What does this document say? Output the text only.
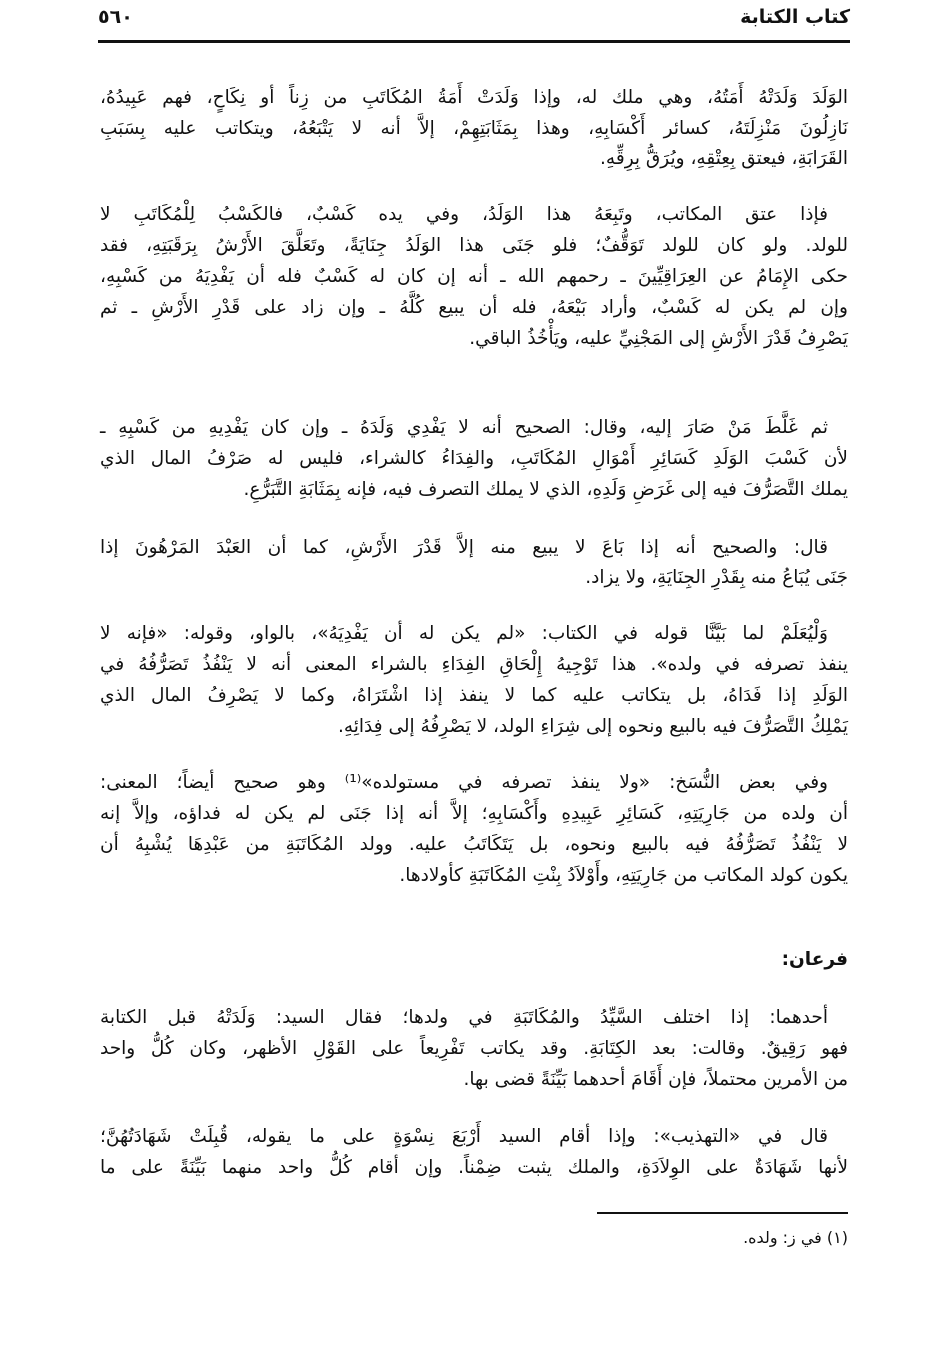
٥٦٠	كتاب الكتابة
الوَلَدَ وَلَدَتْهُ أَمَتُهُ، وهي ملك له، وإذا وَلَدَتْ أَمَةُ المُكَاتَبِ من زِناً أو نِكَاحٍ، فهم عَبِيدُهُ،
نَازِلُونَ مَنْزِلَتَهُ، كسائر أَكْسَابِهِ، وهذا بِمَثَابَتِهِمْ، إلاَّ أنه لا يَتْبَعُهُ، ويتكاتب عليه بِسَبَبِ
القَرَابَةِ، فيعتق بِعِتْقِهِ، ويُرَقُّ بِرِقِّهِ.
فإذا عتق المكاتب، وتَبِعَهُ هذا الوَلَدُ، وفي يده كَسْبٌ، فالكَسْبُ لِلْمُكَاتَبِ لا
للولد. ولو كان للولد تَوَقُّفٌ؛ فلو جَنَى هذا الوَلَدُ جِنَايَةً، وتَعَلَّقَ الأَرْشُ بِرَقَبَتِهِ، فقد
حكى الإِمَامُ عن العِرَاقِيِّينَ ـ رحمهم الله ـ أنه إن كان له كَسْبٌ فله أن يَفْدِيَهُ من كَسْبِهِ،
وإن لم يكن له كَسْبٌ، وأراد بَيْعَهُ، فله أن يبيع كُلَّهُ ـ وإن زاد على قَدْرِ الأَرْشِ ـ ثم
يَصْرِفُ قَدْرَ الأَرْشِ إلى المَجْنِيِّ عليه، ويَأْخُذُ الباقي.
ثم غَلَّطَ مَنْ صَارَ إليه، وقال: الصحيح أنه لا يَفْدِي وَلَدَهُ ـ وإن كان يَفْدِيهِ من كَسْبِهِ ـ
لأن كَسْبَ الوَلَدِ كَسَائِرِ أَمْوَالِ المُكَاتَبِ، والفِدَاءُ كالشراء، فليس له صَرْفُ المال الذي
يملك التَّصَرُّفَ فيه إلى غَرَضِ وَلَدِهِ، الذي لا يملك التصرف فيه، فإنه بِمَثَابَةِ التَّبَرُّعِ.
قال: والصحيح أنه إذا بَاعَ لا يبيع منه إلاَّ قَدْرَ الأَرْشِ، كما أن العَبْدَ المَرْهُونَ إذا
جَنَى يُبَاعُ منه بِقَدْرِ الجِنَايَةِ، ولا يزاد.
وَلْيُعَلَمْ لما بَيَّنَّا قوله في الكتاب: «لم يكن له أن يَفْدِيَهُ»، بالواو، وقوله: «فإنه لا
ينفذ تصرفه في ولده». هذا تَوْجِيهُ إِلْحَاقِ الفِدَاءِ بالشراء المعنى أنه لا يَنْفُذُ تَصَرُّفُهُ في
الوَلَدِ إذا فَدَاهُ، بل يتكاتب عليه كما لا ينفذ إذا اشْتَرَاهُ، وكما لا يَصْرِفُ المال الذي
يَمْلِكُ التَّصَرُّفَ فيه بالبيع ونحوه إلى شِرَاءِ الولد، لا يَصْرِفُهُ إلى فِدَائِهِ.
وفي بعض النُّسَخ: «ولا ينفذ تصرفه في مستولده»⁽¹⁾ وهو صحيح أيضاً؛ المعنى:
أن ولده من جَارِيَتِهِ، كَسَائِرِ عَبِيدِهِ وأَكْسَابِهِ؛ إلاَّ أنه إذا جَنَى لم يكن له فداؤه، وإلاَّ إنه
لا يَنْفُذُ تَصَرُّفُهُ فيه بالبيع ونحوه، بل يَتَكَاتَبُ عليه. وولد المُكَاتَبَةِ من عَبْدِهَا يُشْبِهُ أن
يكون كولد المكاتب من جَارِيَتِهِ، وأَوْلاَدُ بِنْتِ المُكَاتَبَةِ كأولادها.
فرعان:
أحدهما: إذا اختلف السَّيِّدُ والمُكَاتَبَةِ في ولدها؛ فقال السيد: وَلَدَتْهُ قبل الكتابة
فهو رَقِيقٌ. وقالت: بعد الكِتَابَةِ. وقد يكاتب تَفْرِيعاً على القَوْلِ الأظهر، وكان كُلُّ واحد
من الأمرين محتملاً، فإن أَقَامَ أحدهما بَيِّنَةً قضى بها.
قال في «التهذيب»: وإذا أقام السيد أَرْبَعَ نِسْوَةٍ على ما يقوله، قُبِلَتْ شَهَادَتُهُنَّ؛
لأنها شَهَادَةٌ على الوِلاَدَةِ، والملك يثبت ضِمْناً. وإن أقام كُلُّ واحد منهما بَيِّنَةً على ما
(١) في ز: ولده.
